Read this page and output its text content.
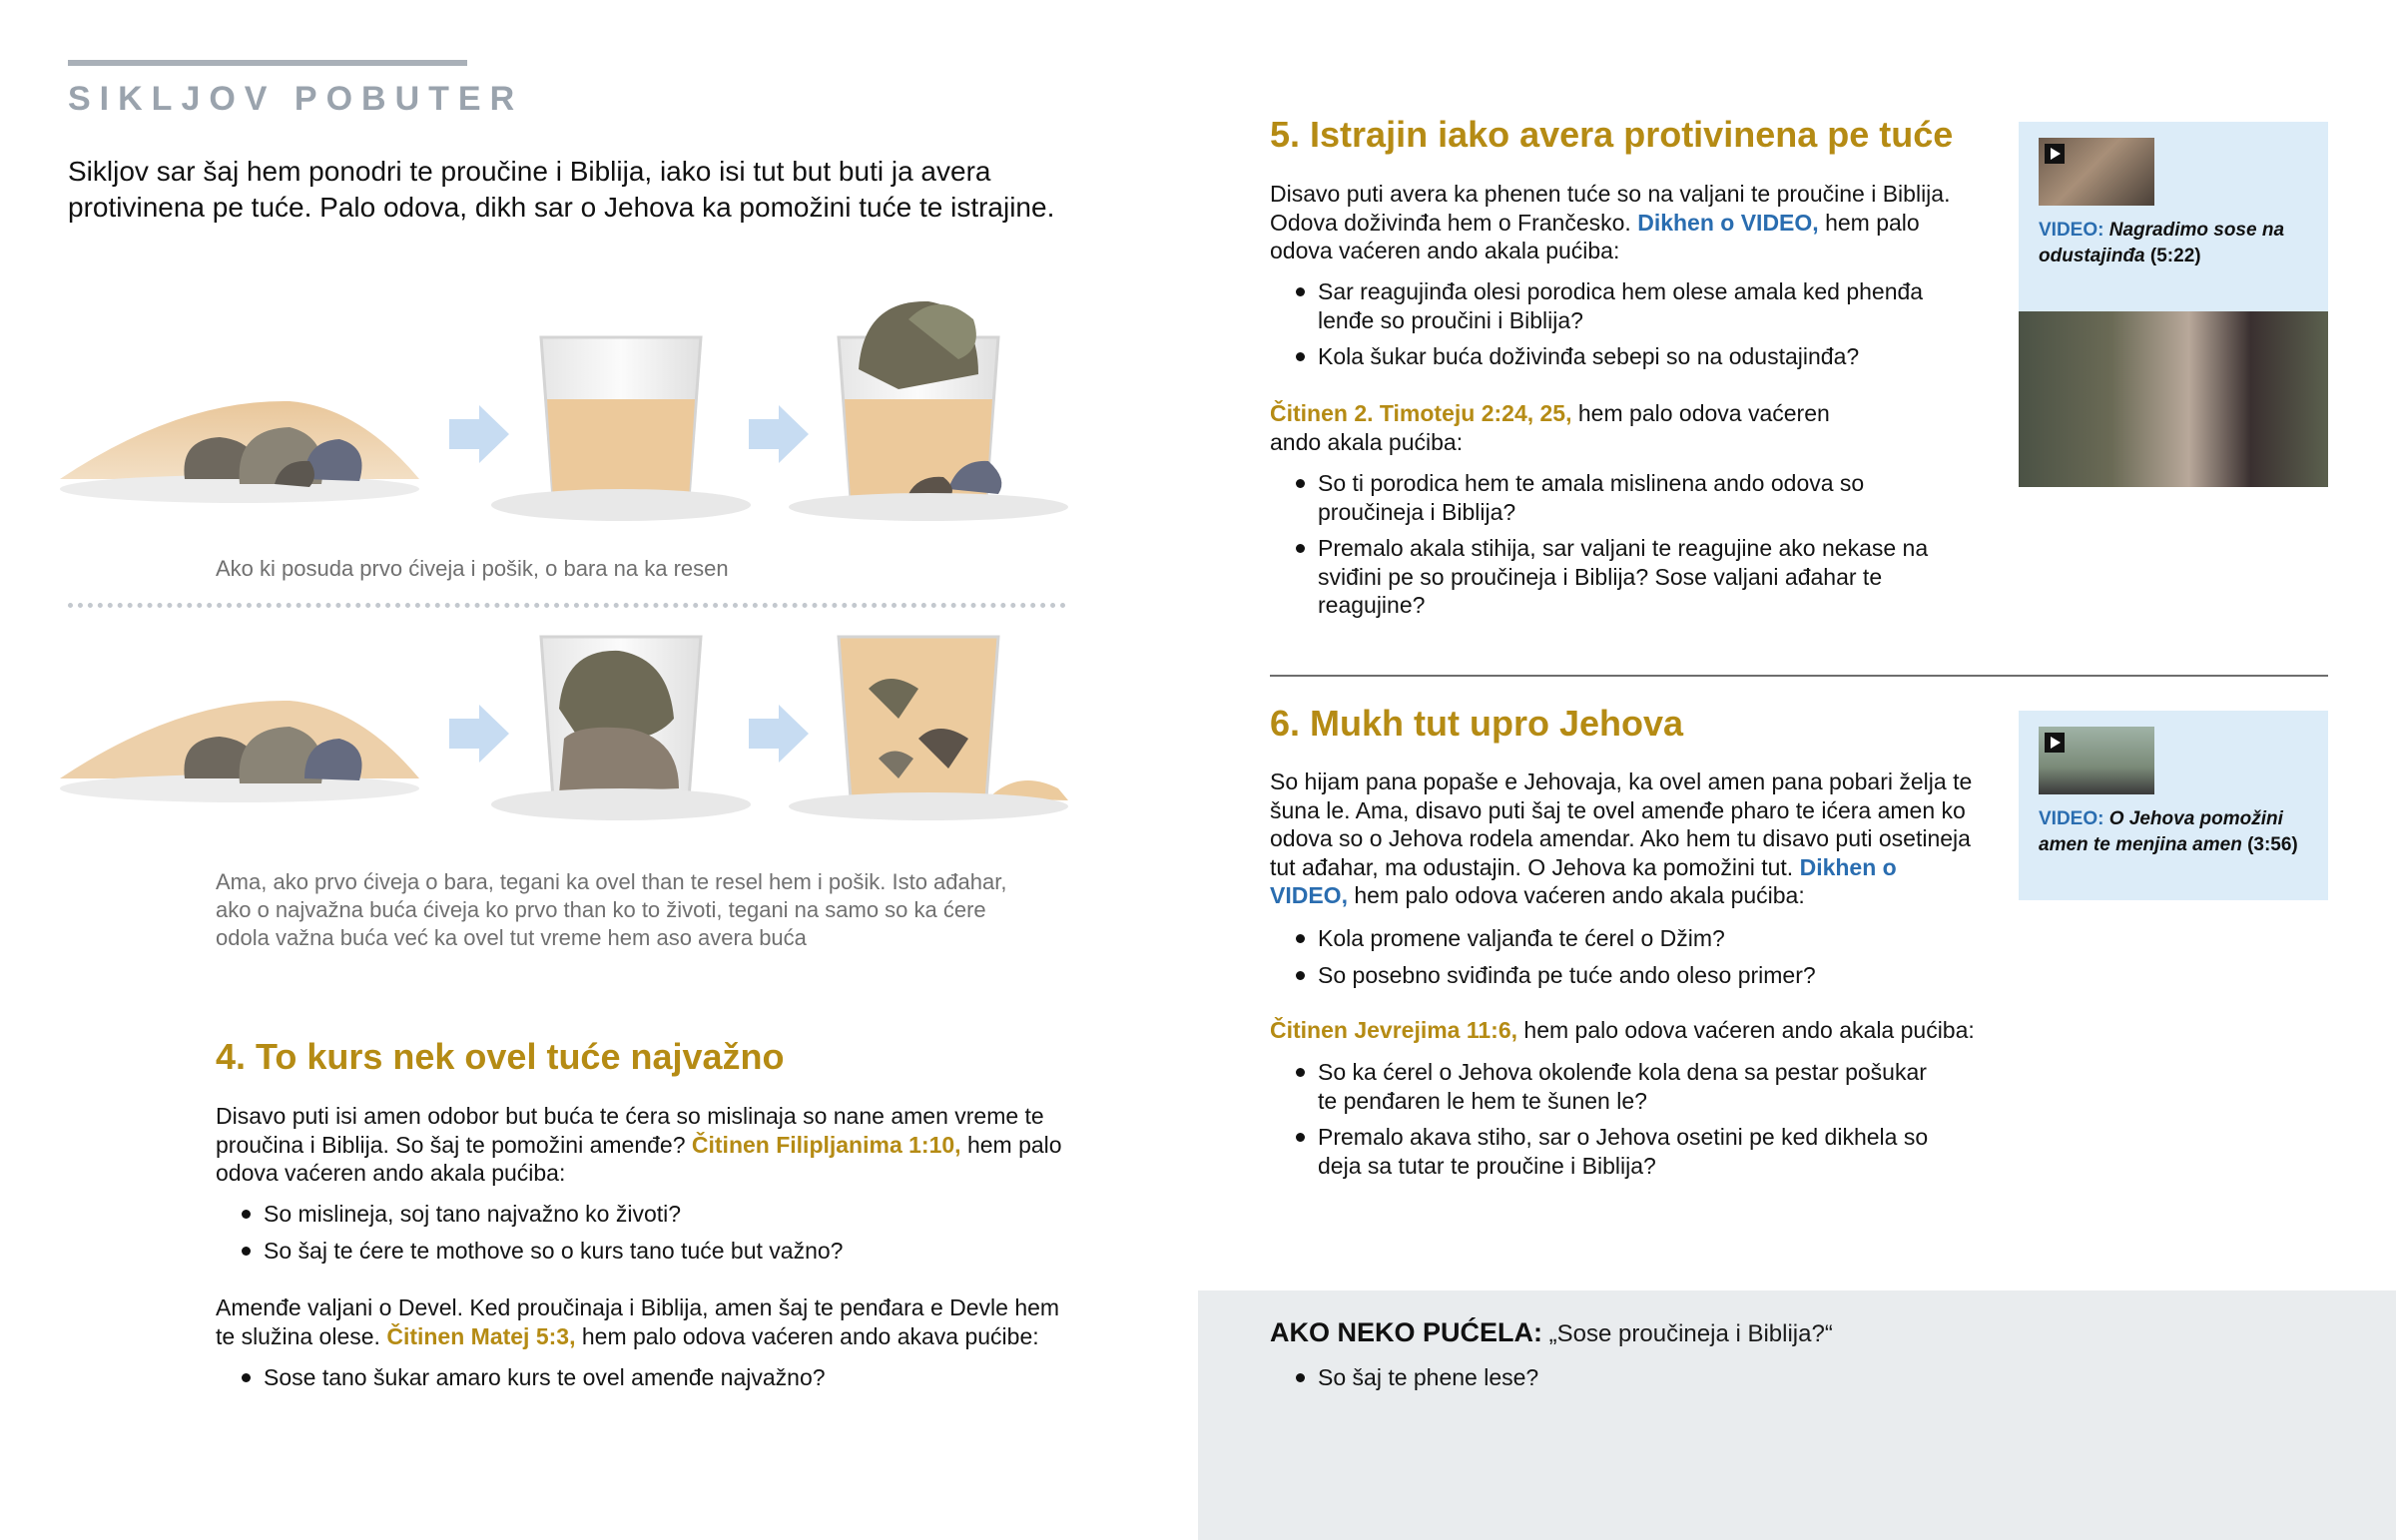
SIKLJOV POBUTER
Sikljov sar šaj hem ponodri te proučine i Biblija, iako isi tut but buti ja avera protivinena pe tuće. Palo odova, dikh sar o Jehova ka pomožini tuće te istrajine.
Ako ki posuda prvo ćiveja i pošik, o bara na ka resen
Ama, ako prvo ćiveja o bara, tegani ka ovel than te resel hem i pošik. Isto ađahar, ako o najvažna buća ćiveja ko prvo than ko to životi, tegani na samo so ka ćere odola važna buća već ka ovel tut vreme hem aso avera buća
4. To kurs nek ovel tuće najvažno
Disavo puti isi amen odobor but buća te ćera so mislinaja so nane amen vreme te proučina i Biblija. So šaj te pomožini amenđe? Čitinen Filipljanima 1:10, hem palo odova vaćeren ando akala pućiba:
So mislineja, soj tano najvažno ko životi?
So šaj te ćere te mothove so o kurs tano tuće but važno?
Amenđe valjani o Devel. Ked proučinaja i Biblija, amen šaj te penđara e Devle hem te služina olese. Čitinen Matej 5:3, hem palo odova vaćeren ando akava pućibe:
Sose tano šukar amaro kurs te ovel amenđe najvažno?
5. Istrajin iako avera protivinena pe tuće
Disavo puti avera ka phenen tuće so na valjani te proučine i Biblija. Odova doživinđa hem o Frančesko. Dikhen o VIDEO, hem palo odova vaćeren ando akala pućiba:
Sar reagujinđa olesi porodica hem olese amala ked phenđa lenđe so proučini i Biblija?
Kola šukar buća doživinđa sebepi so na odustajinđa?
Čitinen 2. Timoteju 2:24, 25, hem palo odova vaćeren ando akala pućiba:
So ti porodica hem te amala mislinena ando odova so proučineja i Biblija?
Premalo akala stihija, sar valjani te reagujine ako nekase na sviđini pe so proučineja i Biblija? Sose valjani ađahar te reagujine?
VIDEO: Nagradimo sose na odustajinđa (5:22)
6. Mukh tut upro Jehova
So hijam pana popaše e Jehovaja, ka ovel amen pana pobari želja te šuna le. Ama, disavo puti šaj te ovel amenđe pharo te ićera amen ko odova so o Jehova rodela amendar. Ako hem tu disavo puti osetineja tut ađahar, ma odustajin. O Jehova ka pomožini tut. Dikhen o VIDEO, hem palo odova vaćeren ando akala pućiba:
Kola promene valjanđa te ćerel o Džim?
So posebno sviđinđa pe tuće ando oleso primer?
Čitinen Jevrejima 11:6, hem palo odova vaćeren ando akala pućiba:
So ka ćerel o Jehova okolenđe kola dena sa pestar pošukar te penđaren le hem te šunen le?
Premalo akava stiho, sar o Jehova osetini pe ked dikhela so deja sa tutar te proučine i Biblija?
VIDEO: O Jehova pomožini amen te menjina amen (3:56)
AKO NEKO PUĆELA: „Sose proučineja i Biblija?“
So šaj te phene lese?
